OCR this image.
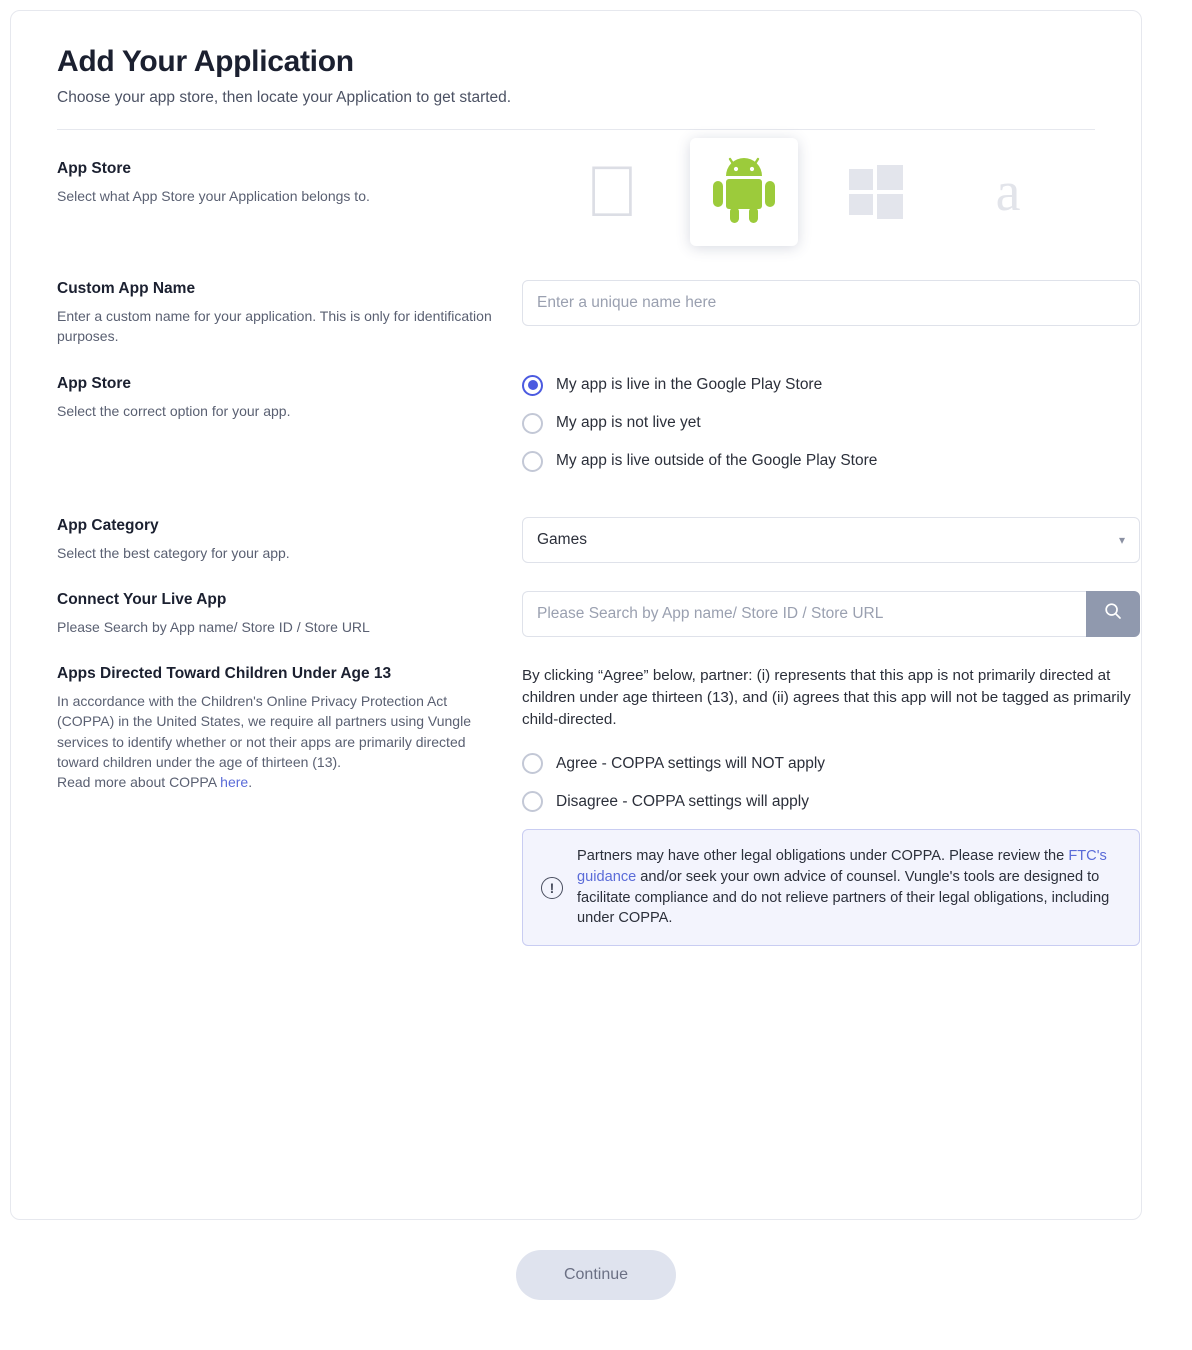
Add Your Application

Choose your app store, then locate your Application to get started.

App Store
Select what App Store your Application belongs to.	a
Custom App Name
Enter a custom name for your application. This is only for identification purposes.
Enter a unique name here
App Store
Select the correct option for your app.
My app is live in the Google Play Store
My app is not live yet
My app is live outside of the Google Play Store
App Category
Select the best category for your app.
Games	▾
Connect Your Live App
Please Search by App name/ Store ID / Store URL
Please Search by App name/ Store ID / Store URL
Apps Directed Toward Children Under Age 13
In accordance with the Children's Online Privacy Protection Act (COPPA) in the United States, we require all partners using Vungle services to identify whether or not their apps are primarily directed toward children under the age of thirteen (13).
Read more about COPPA here.
By clicking “Agree” below, partner: (i) represents that this app is not primarily directed at children under age thirteen (13), and (ii) agrees that this app will not be tagged as primarily child-directed.
Agree - COPPA settings will NOT apply
Disagree - COPPA settings will apply
!
Partners may have other legal obligations under COPPA. Please review the FTC's guidance and/or seek your own advice of counsel. Vungle's tools are designed to facilitate compliance and do not relieve partners of their legal obligations, including under COPPA.
Continue
